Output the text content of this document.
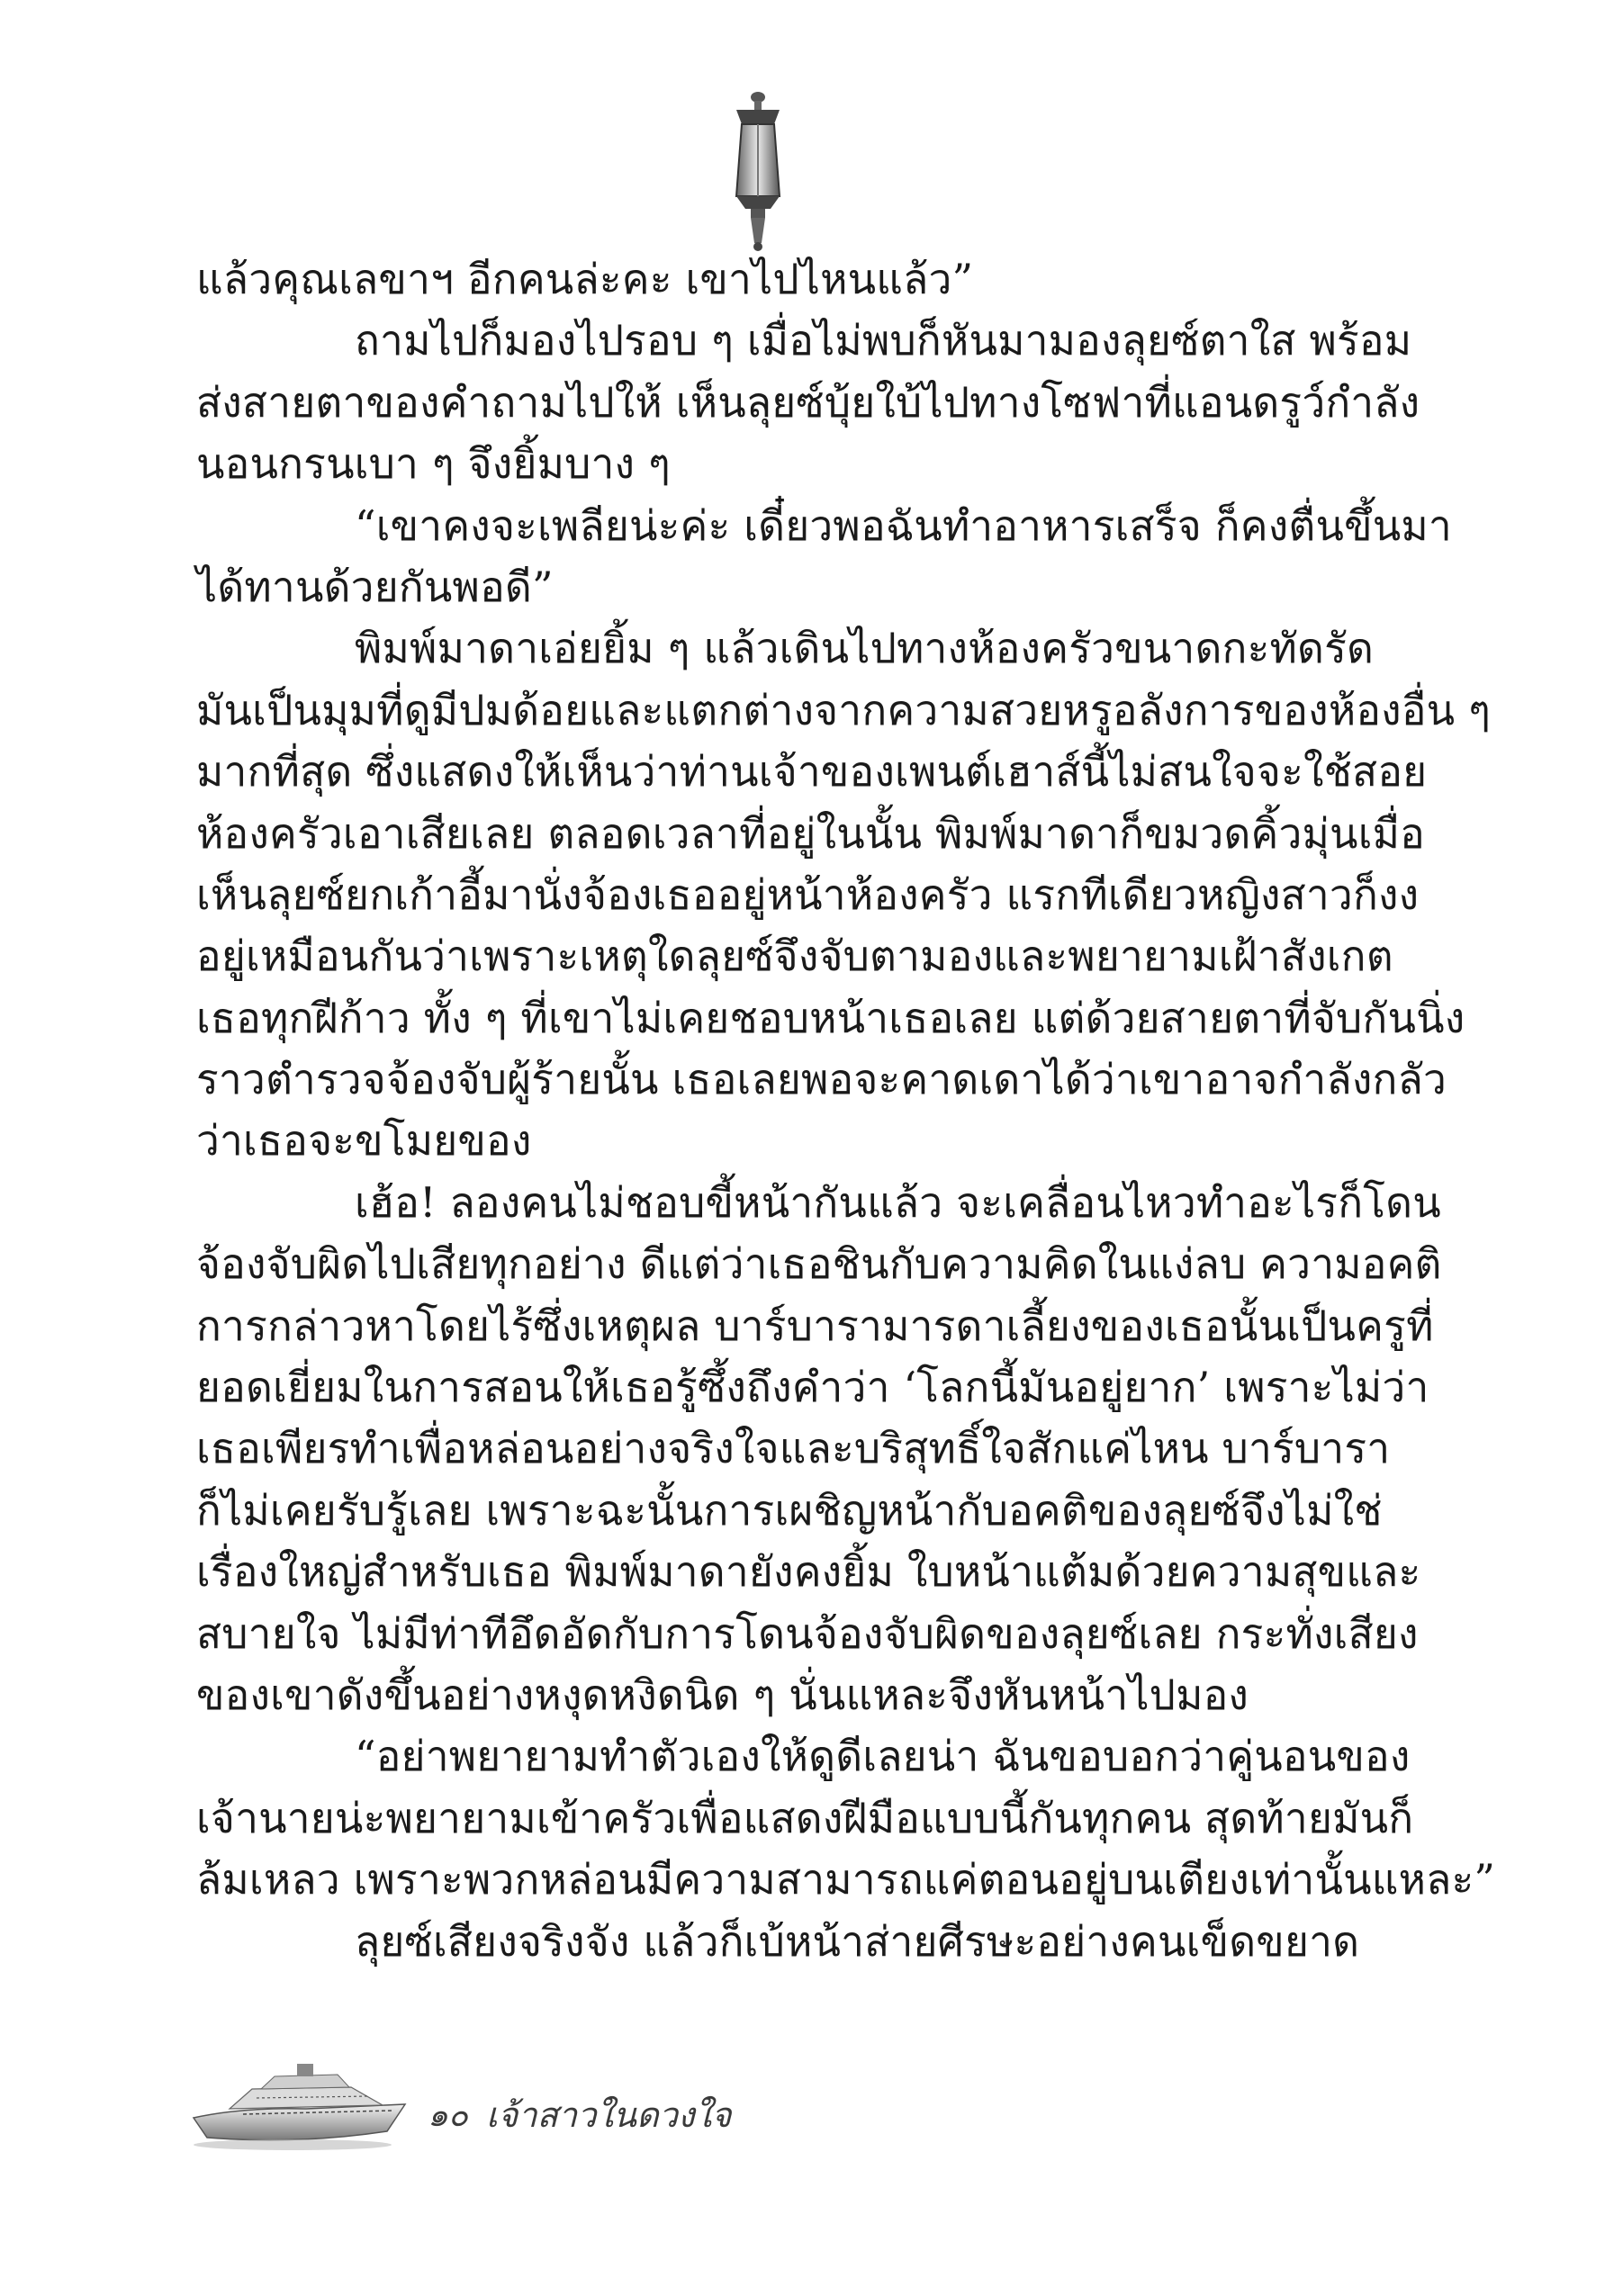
แล้วคุณเลขาฯ อีกคนล่ะคะ เขาไปไหนแล้ว”
ถามไปก็มองไปรอบ ๆ เมื่อไม่พบก็หันมามองลุยซ์ตาใส พร้อม
ส่งสายตาของคำถามไปให้ เห็นลุยซ์บุ้ยใบ้ไปทางโซฟาที่แอนดรูว์กำลัง
นอนกรนเบา ๆ จึงยิ้มบาง ๆ
“เขาคงจะเพลียน่ะค่ะ เดี๋ยวพอฉันทำอาหารเสร็จ ก็คงตื่นขึ้นมา
ได้ทานด้วยกันพอดี”
พิมพ์มาดาเอ่ยยิ้ม ๆ แล้วเดินไปทางห้องครัวขนาดกะทัดรัด
มันเป็นมุมที่ดูมีปมด้อยและแตกต่างจากความสวยหรูอลังการของห้องอื่น ๆ
มากที่สุด ซึ่งแสดงให้เห็นว่าท่านเจ้าของเพนต์เฮาส์นี้ไม่สนใจจะใช้สอย
ห้องครัวเอาเสียเลย ตลอดเวลาที่อยู่ในนั้น พิมพ์มาดาก็ขมวดคิ้วมุ่นเมื่อ
เห็นลุยซ์ยกเก้าอี้มานั่งจ้องเธออยู่หน้าห้องครัว แรกทีเดียวหญิงสาวก็งง
อยู่เหมือนกันว่าเพราะเหตุใดลุยซ์จึงจับตามองและพยายามเฝ้าสังเกต
เธอทุกฝีก้าว ทั้ง ๆ ที่เขาไม่เคยชอบหน้าเธอเลย แต่ด้วยสายตาที่จับกันนิ่ง
ราวตำรวจจ้องจับผู้ร้ายนั้น เธอเลยพอจะคาดเดาได้ว่าเขาอาจกำลังกลัว
ว่าเธอจะขโมยของ
เฮ้อ! ลองคนไม่ชอบขี้หน้ากันแล้ว จะเคลื่อนไหวทำอะไรก็โดน
จ้องจับผิดไปเสียทุกอย่าง ดีแต่ว่าเธอชินกับความคิดในแง่ลบ ความอคติ
การกล่าวหาโดยไร้ซึ่งเหตุผล บาร์บารามารดาเลี้ยงของเธอนั้นเป็นครูที่
ยอดเยี่ยมในการสอนให้เธอรู้ซึ้งถึงคำว่า ‘โลกนี้มันอยู่ยาก’ เพราะไม่ว่า
เธอเพียรทำเพื่อหล่อนอย่างจริงใจและบริสุทธิ์ใจสักแค่ไหน บาร์บารา
ก็ไม่เคยรับรู้เลย เพราะฉะนั้นการเผชิญหน้ากับอคติของลุยซ์จึงไม่ใช่
เรื่องใหญ่สำหรับเธอ พิมพ์มาดายังคงยิ้ม ใบหน้าแต้มด้วยความสุขและ
สบายใจ ไม่มีท่าทีอึดอัดกับการโดนจ้องจับผิดของลุยซ์เลย กระทั่งเสียง
ของเขาดังขึ้นอย่างหงุดหงิดนิด ๆ นั่นแหละจึงหันหน้าไปมอง
“อย่าพยายามทำตัวเองให้ดูดีเลยน่า ฉันขอบอกว่าคู่นอนของ
เจ้านายน่ะพยายามเข้าครัวเพื่อแสดงฝีมือแบบนี้กันทุกคน สุดท้ายมันก็
ล้มเหลว เพราะพวกหล่อนมีความสามารถแค่ตอนอยู่บนเตียงเท่านั้นแหละ”
ลุยซ์เสียงจริงจัง แล้วก็เบ้หน้าส่ายศีรษะอย่างคนเข็ดขยาด
๑๐ เจ้าสาวในดวงใจ
